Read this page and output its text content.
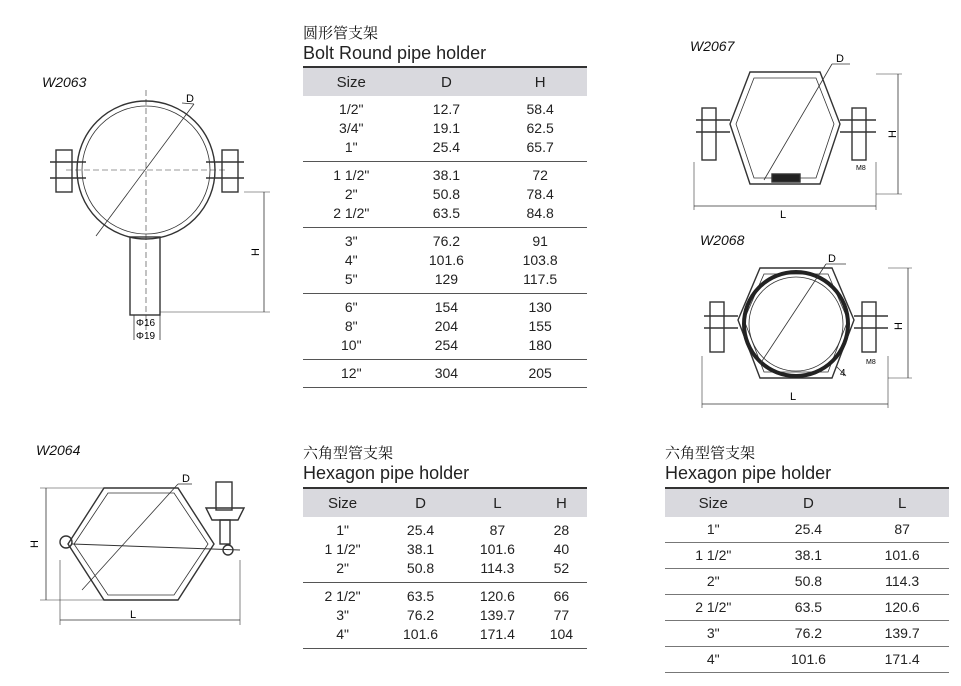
W2063
W2064
W2067
W2068
D
H
Φ16
Φ19
D
H
L
D
H
L
M8
D
H
L
4
M8
圆形管支架
Bolt Round pipe holder
Size	D	H
1/2"	12.7	58.4
3/4"	19.1	62.5
1"	25.4	65.7
1 1/2"	38.1	72
2"	50.8	78.4
2 1/2"	63.5	84.8
3"	76.2	91
4"	101.6	103.8
5"	129	117.5
6"	154	130
8"	204	155
10"	254	180
12"	304	205
六角型管支架
Hexagon pipe holder
Size	D	L	H
1"	25.4	87	28
1 1/2"	38.1	101.6	40
2"	50.8	114.3	52
2 1/2"	63.5	120.6	66
3"	76.2	139.7	77
4"	101.6	171.4	104
六角型管支架
Hexagon pipe holder
Size	D	L
1"	25.4	87
1 1/2"	38.1	101.6
2"	50.8	114.3
2 1/2"	63.5	120.6
3"	76.2	139.7
4"	101.6	171.4
